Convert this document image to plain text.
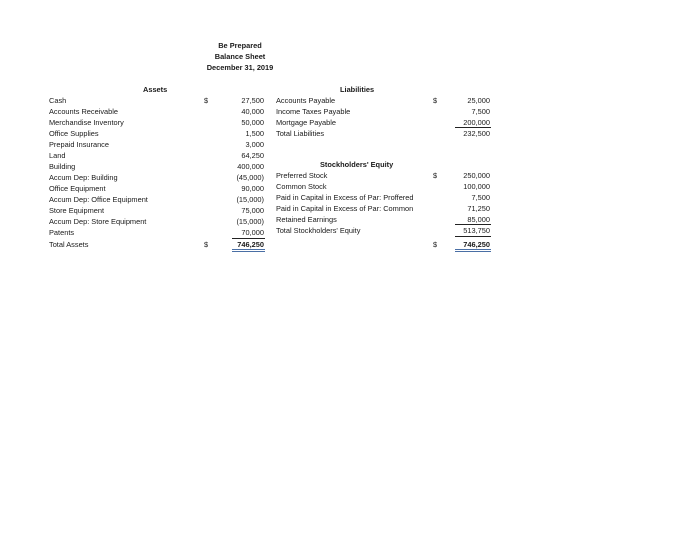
Be Prepared
Balance Sheet
December 31, 2019
Assets
$
Cash	27,500
Accounts Receivable	40,000
Merchandise Inventory	50,000
Office Supplies	1,500
Prepaid Insurance	3,000
Land	64,250
Building	400,000
Accum Dep: Building	(45,000)
Office Equipment	90,000
Accum Dep: Office Equipment	(15,000)
Store Equipment	75,000
Accum Dep: Store Equipment	(15,000)
Patents	70,000
Total Assets	$	746,250
Liabilities
$
Accounts Payable	25,000
Income Taxes Payable	7,500
Mortgage Payable	200,000
Total Liabilities	232,500
Stockholders' Equity
$
Preferred Stock	250,000
Common Stock	100,000
Paid in Capital in Excess of Par: Proffered	7,500
Paid in Capital in Excess of Par: Common	71,250
Retained Earnings	85,000
Total Stockholders' Equity	513,750
$	746,250
